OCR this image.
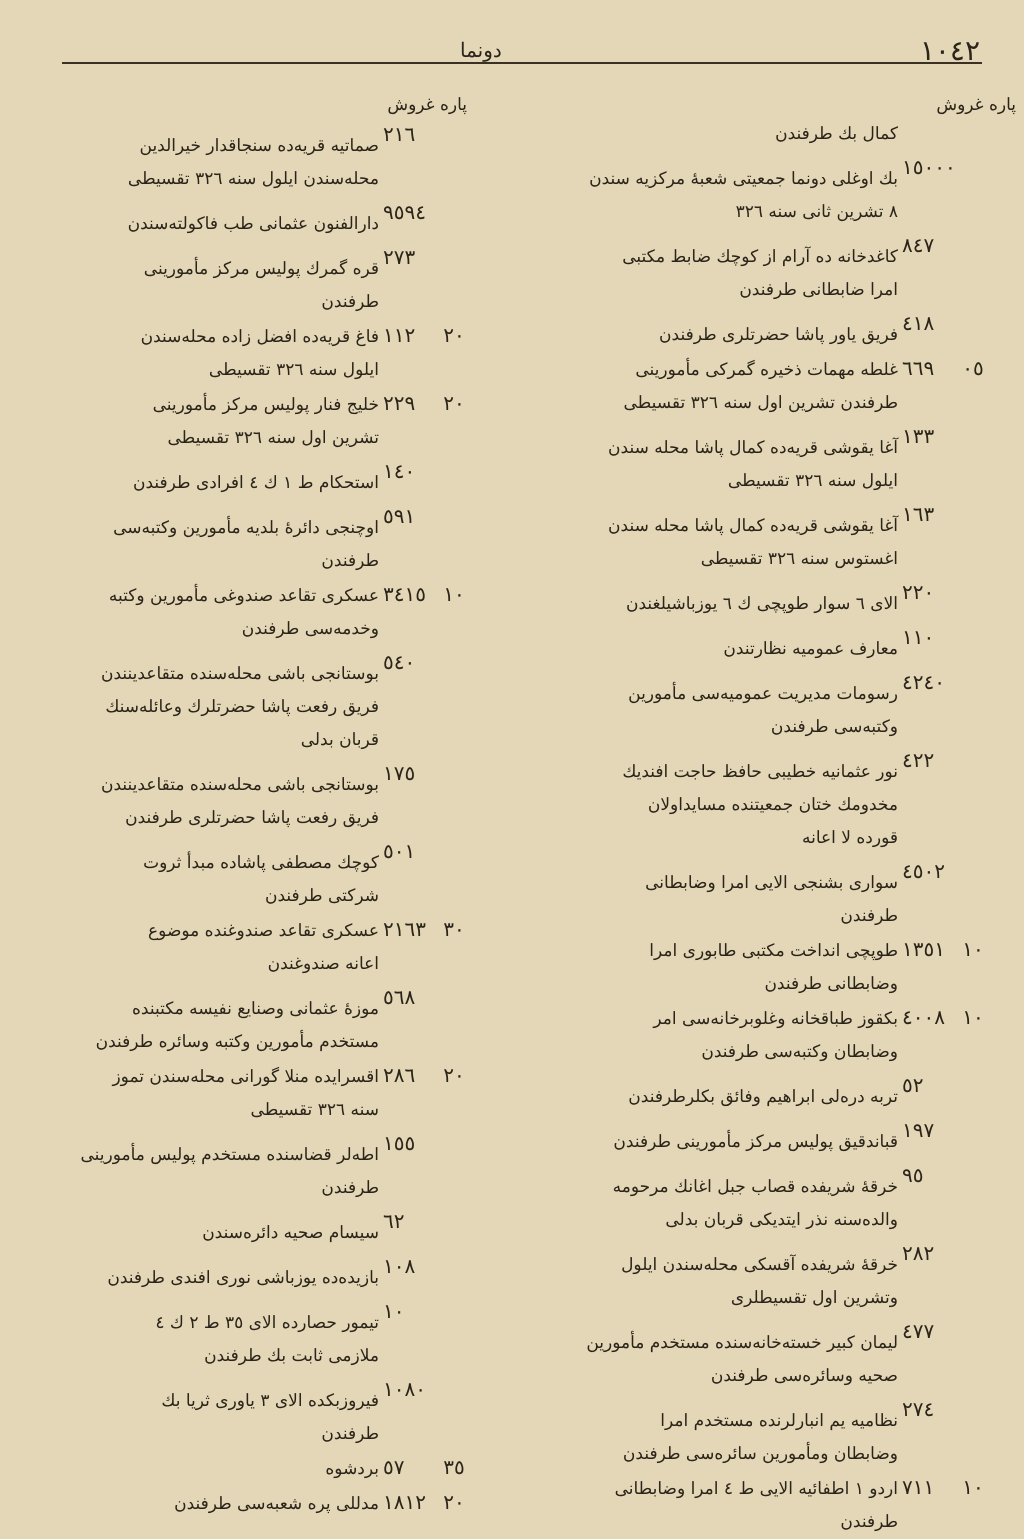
١٠٤٢
دونما
پاره غروش
كمال بك طرفندن
١٥٠٠٠
بك اوغلی دونما جمعيتی شعبهٔ مركزيه سندن
٨ تشرين ثانی سنه ٣٢٦
٨٤٧
كاغدخانه ده آرام از كوچك ضابط مكتبی
امرا ضابطانی طرفندن
٤١٨
فريق ياور پاشا حضرتلری طرفندن
٠٥
٦٦٩
غلطه مهمات ذخيره گمرکی مأمورينی
طرفندن تشرين اول سنه ٣٢٦ تقسيطی
١٣٣
آغا يقوشی قريه‌ده كمال پاشا محله سندن
ايلول سنه ٣٢٦ تقسيطی
١٦٣
آغا يقوشی قريه‌ده كمال پاشا محله سندن
اغستوس سنه ٣٢٦ تقسيطی
٢٢٠
الای ٦ سوار طوپچی ك ٦ يوزباشيلغندن
١١٠
معارف عموميه نظارتندن
٤٢٤٠
رسومات مديريت عموميه‌سی مأمورين
وكتبه‌سی طرفندن
٤٢٢
نور عثمانيه خطيبی حافظ حاجت افنديك
مخدومك ختان جمعيتنده مسايداولان
قورده لا اعانه
٤٥٠٢
سواری بشنجی الايی امرا وضابطانی
طرفندن
١٠
١٣٥١
طوپچی انداخت مكتبی طابوری امرا
وضابطانی طرفندن
١٠
٤٠٠٨
بكقوز طباقخانه وغلوبرخانه‌سی امر
وضابطان وكتبه‌سی طرفندن
٥٢
تربه دره‌لی ابراهيم وفائق بكلرطرفندن
١٩٧
قباندقيق پوليس مركز مأمورينی طرفندن
٩٥
خرقهٔ شريفده قصاب جبل اغانك مرحومه
والده‌سنه نذر ايتديكی قربان بدلی
٢٨٢
خرقهٔ شريفده آقسكی محله‌سندن ايلول
وتشرين اول تقسيطلری
٤٧٧
ليمان كبير خسته‌خانه‌سنده مستخدم مأمورين
صحيه وسائره‌سی طرفندن
٢٧٤
نظاميه يم انبارلرنده مستخدم امرا
وضابطان ومأمورين سائره‌سی طرفندن
١٠
٧١١
اردو ١ اطفائيه الايی ط ٤ امرا وضابطانی
طرفندن
پاره غروش
٢١٦
صماتيه قريه‌ده سنجاقدار خيرالدين
محله‌سندن ايلول سنه ٣٢٦ تقسيطی
٩٥٩٤
دارالفنون عثمانی طب فاكولته‌سندن
٢٧٣
قره گمرك پوليس مركز مأمورينی
طرفندن
٢٠
١١٢
فاغ قريه‌ده افضل زاده محله‌سندن
ايلول سنه ٣٢٦ تقسيطی
٢٠
٢٢٩
خليج فنار پوليس مركز مأمورينی
تشرين اول سنه ٣٢٦ تقسيطی
١٤٠
استحكام ط ١ ك ٤ افرادی طرفندن
٥٩١
اوچنجی دائرهٔ بلديه مأمورين وكتبه‌سی
طرفندن
١٠
٣٤١٥
عسكری تقاعد صندوغی مأمورين وكتبه
وخدمه‌سی طرفندن
٥٤٠
بوستانجی باشی محله‌سنده متقاعدينندن
فريق رفعت پاشا حضرتلرك وعائله‌سنك
قربان بدلی
١٧٥
بوستانجی باشی محله‌سنده متقاعدينندن
فريق رفعت پاشا حضرتلری طرفندن
٥٠١
كوچك مصطفی پاشاده مبدأ ثروت
شركتی طرفندن
٣٠
٢١٦٣
عسكری تقاعد صندوغنده موضوع
اعانه صندوغندن
٥٦٨
موزهٔ عثمانی وصنايع نفيسه مكتبنده
مستخدم مأمورين وكتبه وسائره طرفندن
٢٠
٢٨٦
اقسرايده منلا گورانی محله‌سندن تموز
سنه ٣٢٦ تقسيطی
١٥٥
اطه‌لر قضاسنده مستخدم پوليس مأمورينی
طرفندن
٦٢
سيسام صحيه دائره‌سندن
١٠٨
بازيده‌ده يوزباشی نوری افندی طرفندن
١٠
تيمور حصارده الای ٣٥ ط ٢ ك ٤
ملازمی ثابت بك طرفندن
١٠٨٠
فيروزبكده الای ٣ ياوری ثريا بك
طرفندن
٣٥
٥٧
بردشوه
٢٠
١٨١٢
مدللی پره شعبه‌سی طرفندن
